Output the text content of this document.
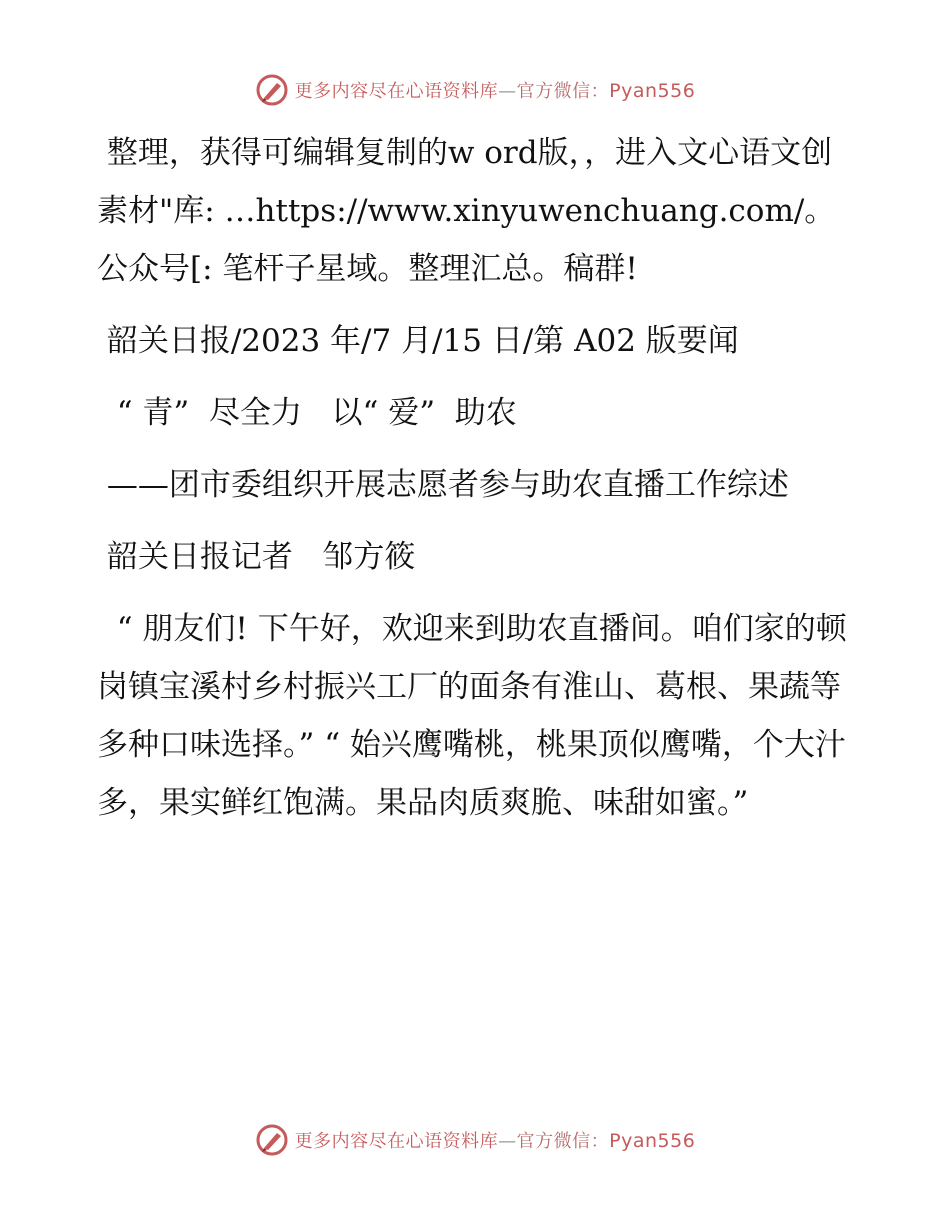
更多内容尽在心语资料库—官方微信：Pyan556

整理，获得可编辑复制的w ord版，，进入文心语文创素材"库: …https://www.xinyuwenchuang.com/。公众号[: 笔杆子星域。整理汇总。稿群!

韶关日报/2023 年/7 月/15 日/第 A02 版要闻

“ 青”  尽全力   以“ 爱”  助农

——团市委组织开展志愿者参与助农直播工作综述

韶关日报记者   邹方筱

“ 朋友们! 下午好，欢迎来到助农直播间。咱们家的顿岗镇宝溪村乡村振兴工厂的面条有淮山、葛根、果蔬等多种口味选择。” “ 始兴鹰嘴桃，桃果顶似鹰嘴，个大汁多，果实鲜红饱满。果品肉质爽脆、味甜如蜜。”

更多内容尽在心语资料库—官方微信：Pyan556
